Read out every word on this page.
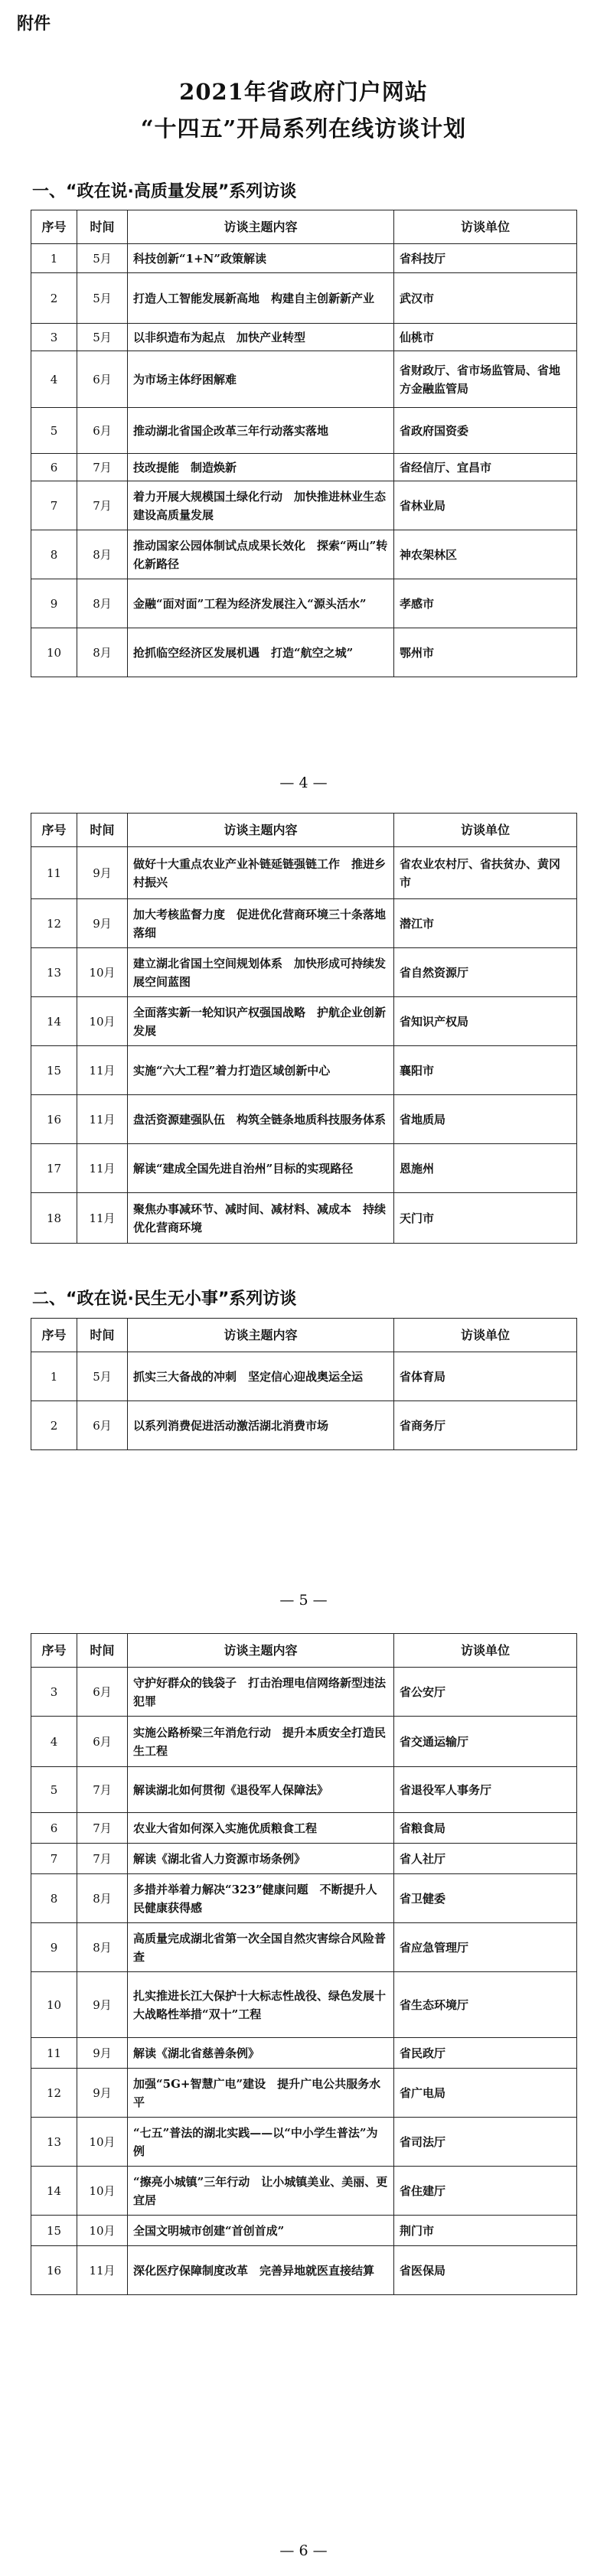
附件
2021年省政府门户网站
“十四五”开局系列在线访谈计划
一、“政在说·高质量发展”系列访谈
序号	时间	访谈主题内容	访谈单位
1	5月	科技创新“1+N”政策解读	省科技厅
2	5月	打造人工智能发展新高地　构建自主创新新产业	武汉市
3	5月	以非织造布为起点　加快产业转型	仙桃市
4	6月	为市场主体纾困解难	省财政厅、省市场监管局、省地方金融监管局
5	6月	推动湖北省国企改革三年行动落实落地	省政府国资委
6	7月	技改提能　制造焕新	省经信厅、宜昌市
7	7月	着力开展大规模国土绿化行动　加快推进林业生态建设高质量发展	省林业局
8	8月	推动国家公园体制试点成果长效化　探索“两山”转化新路径	神农架林区
9	8月	金融“面对面”工程为经济发展注入“源头活水”	孝感市
10	8月	抢抓临空经济区发展机遇　打造“航空之城”	鄂州市
— 4 —
序号	时间	访谈主题内容	访谈单位
11	9月	做好十大重点农业产业补链延链强链工作　推进乡村振兴	省农业农村厅、省扶贫办、黄冈市
12	9月	加大考核监督力度　促进优化营商环境三十条落地落细	潜江市
13	10月	建立湖北省国土空间规划体系　加快形成可持续发展空间蓝图	省自然资源厅
14	10月	全面落实新一轮知识产权强国战略　护航企业创新发展	省知识产权局
15	11月	实施“六大工程”着力打造区域创新中心	襄阳市
16	11月	盘活资源建强队伍　构筑全链条地质科技服务体系	省地质局
17	11月	解读“建成全国先进自治州”目标的实现路径	恩施州
18	11月	聚焦办事减环节、减时间、减材料、减成本　持续优化营商环境	天门市
二、“政在说·民生无小事”系列访谈
序号	时间	访谈主题内容	访谈单位
1	5月	抓实三大备战的冲刺　坚定信心迎战奥运全运	省体育局
2	6月	以系列消费促进活动激活湖北消费市场	省商务厅
— 5 —
序号	时间	访谈主题内容	访谈单位
3	6月	守护好群众的钱袋子　打击治理电信网络新型违法犯罪	省公安厅
4	6月	实施公路桥梁三年消危行动　提升本质安全打造民生工程	省交通运输厅
5	7月	解读湖北如何贯彻《退役军人保障法》	省退役军人事务厅
6	7月	农业大省如何深入实施优质粮食工程	省粮食局
7	7月	解读《湖北省人力资源市场条例》	省人社厅
8	8月	多措并举着力解决“323”健康问题　不断提升人民健康获得感	省卫健委
9	8月	高质量完成湖北省第一次全国自然灾害综合风险普查	省应急管理厅
10	9月	扎实推进长江大保护十大标志性战役、绿色发展十大战略性举措“双十”工程	省生态环境厅
11	9月	解读《湖北省慈善条例》	省民政厅
12	9月	加强“5G+智慧广电”建设　提升广电公共服务水平	省广电局
13	10月	“七五”普法的湖北实践——以“中小学生普法”为例	省司法厅
14	10月	“擦亮小城镇”三年行动　让小城镇美业、美丽、更宜居	省住建厅
15	10月	全国文明城市创建“首创首成”	荆门市
16	11月	深化医疗保障制度改革　完善异地就医直接结算	省医保局
— 6 —
